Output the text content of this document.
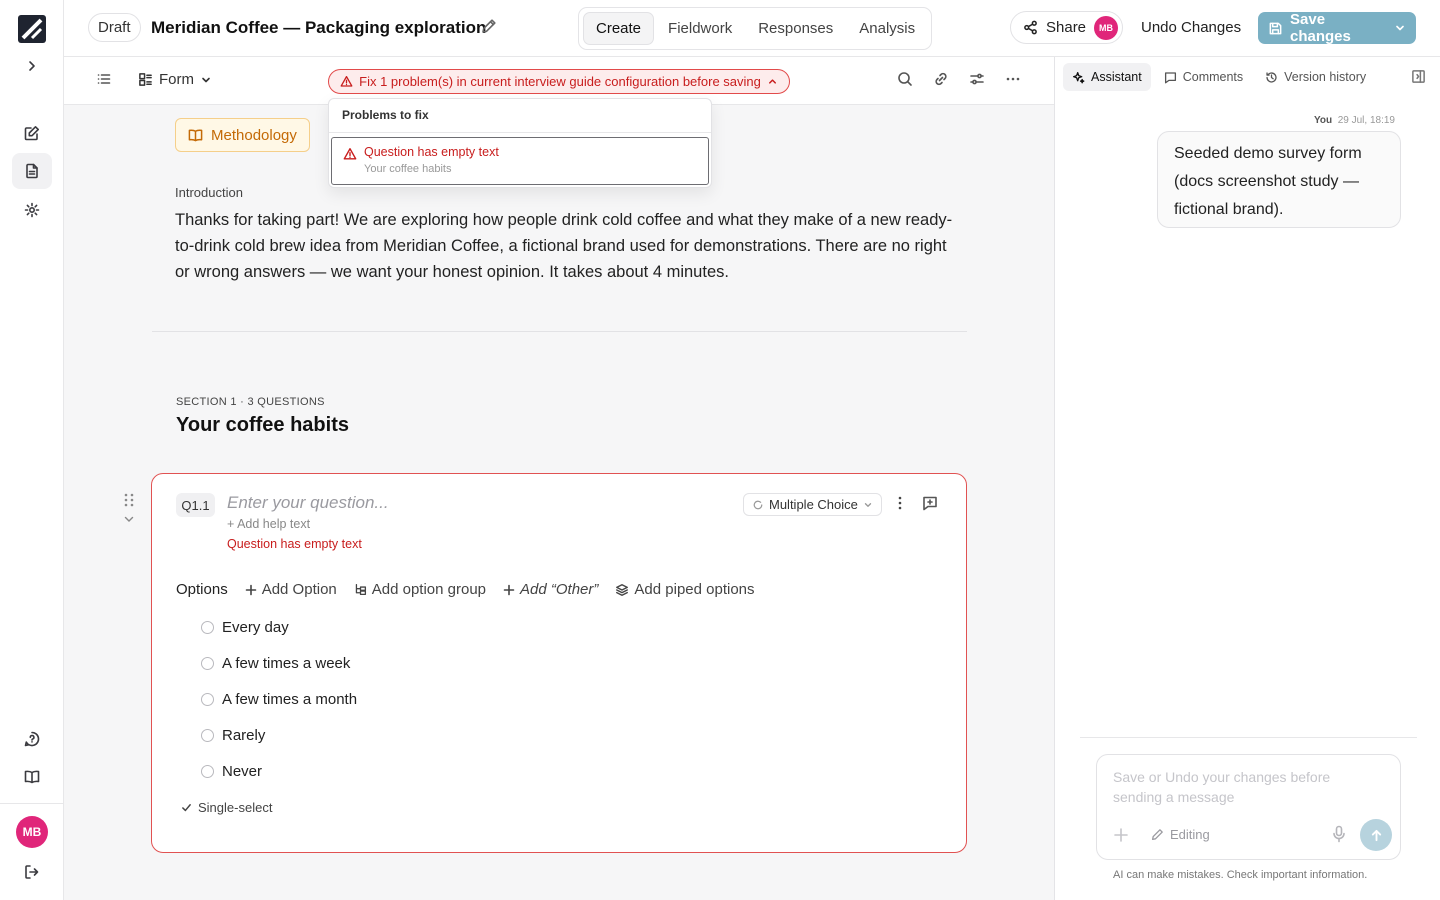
MB
Draft	Meridian Coffee — Packaging exploration	Create	Fieldwork	Responses	Analysis	Share	MB	Undo Changes	Save changes
Form	Fix 1 problem(s) in current interview guide configuration before saving
Methodology
Introduction
Thanks for taking part! We are exploring how people drink cold coffee and what they make of a new ready-to-drink cold brew idea from Meridian Coffee, a fictional brand used for demonstrations. There are no right or wrong answers — we want your honest opinion. It takes about 4 minutes.
SECTION 1 · 3 QUESTIONS
Your coffee habits
Q1.1	Enter your question...
+ Add help text
Question has empty text
Multiple Choice
Options Add Option Add option group Add “Other” Add piped options
Every day
A few times a week
A few times a month
Rarely
Never
Single-select
Problems to fix
Question has empty text
Your coffee habits
Assistant	Comments	Version history
You 29 Jul, 18:19
Seeded demo survey form (docs screenshot study — fictional brand).
Save or Undo your changes before sending a message
Editing
AI can make mistakes. Check important information.
